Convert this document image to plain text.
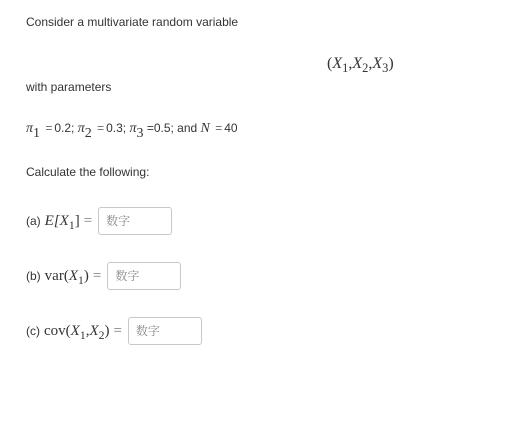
Consider a multivariate random variable
$(X_1,X_2,X_3)$
with parameters
π1 = 0.2; π2 = 0.3; π3 =0.5; and N = 40
Calculate the following:
(a) $E[X_1]$ =
数字
(b) $var(X_1)$ =
数字
(c) $cov(X_1,X_2)$ =
数字
